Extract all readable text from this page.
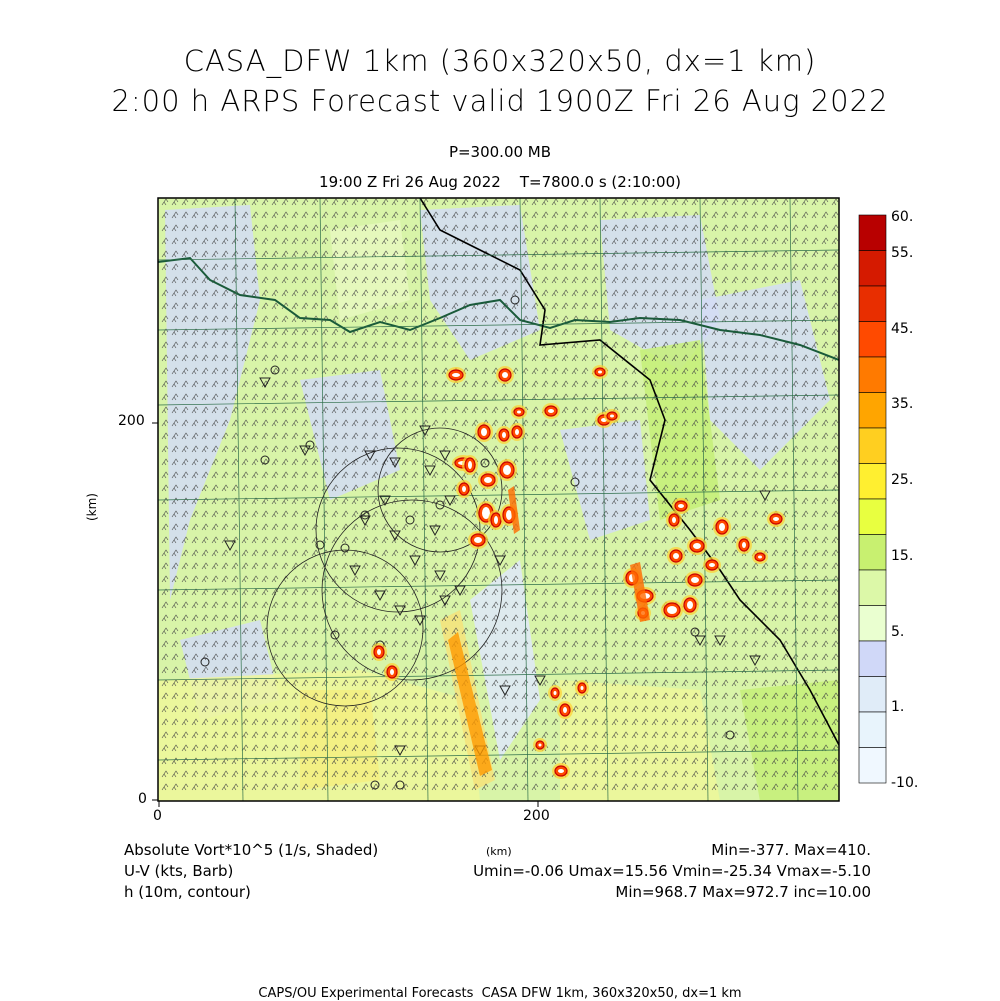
CASA_DFW 1km (360x320x50, dx=1 km)
2:00 h ARPS Forecast valid 1900Z Fri 26 Aug 2022
P=300.00 MB
19:00 Z Fri 26 Aug 2022    T=7800.0 s (2:10:00)
200
0
0	200
(km)
60.
55.
45.
35.
25.
15.
5.
1.
-10.
Absolute Vort*10^5 (1/s, Shaded)
U-V (kts, Barb)
h (10m, contour)
(km)	Min=-377. Max=410.
Umin=-0.06 Umax=15.56 Vmin=-25.34 Vmax=-5.10
Min=968.7 Max=972.7 inc=10.00
CAPS/OU Experimental Forecasts  CASA DFW 1km, 360x320x50, dx=1 km
